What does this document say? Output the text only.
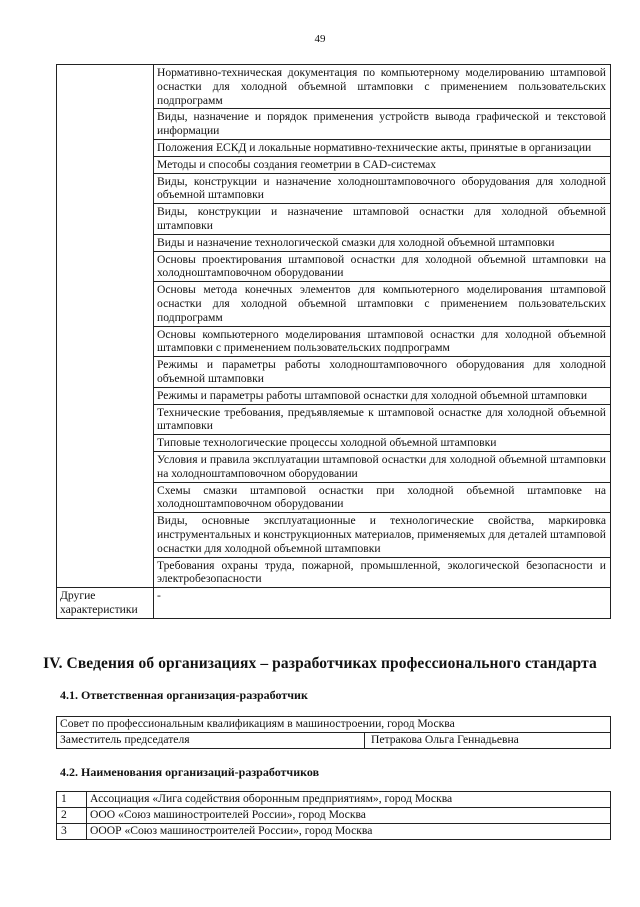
49
	Нормативно-техническая документация по компьютерному моделированию штамповой оснастки для холодной объемной штамповки с применением пользовательских подпрограмм
	Виды, назначение и порядок применения устройств вывода графической и текстовой информации
	Положения ЕСКД и локальные нормативно-технические акты, принятые в организации
	Методы и способы создания геометрии в CAD-системах
	Виды, конструкции и назначение холодноштамповочного оборудования для холодной объемной штамповки
	Виды, конструкции и назначение штамповой оснастки для холодной объемной штамповки
	Виды и назначение технологической смазки для холодной объемной штамповки
	Основы проектирования штамповой оснастки для холодной объемной штамповки на холодноштамповочном оборудовании
	Основы метода конечных элементов для компьютерного моделирования штамповой оснастки для холодной объемной штамповки с применением пользовательских подпрограмм
	Основы компьютерного моделирования штамповой оснастки для холодной объемной штамповки с применением пользовательских подпрограмм
	Режимы и параметры работы холодноштамповочного оборудования для холодной объемной штамповки
	Режимы и параметры работы штамповой оснастки для холодной объемной штамповки
	Технические требования, предъявляемые к штамповой оснастке для холодной объемной штамповки
	Типовые технологические процессы холодной объемной штамповки
	Условия и правила эксплуатации штамповой оснастки для холодной объемной штамповки на холодноштамповочном оборудовании
	Схемы смазки штамповой оснастки при холодной объемной штамповке на холодноштамповочном оборудовании
	Виды, основные эксплуатационные и технологические свойства, маркировка инструментальных и конструкционных материалов, применяемых для деталей штамповой оснастки для холодной объемной штамповки
	Требования охраны труда, пожарной, промышленной, экологической безопасности и электробезопасности
Другие характеристики	-
IV. Сведения об организациях – разработчиках профессионального стандарта
4.1. Ответственная организация-разработчик
Совет по профессиональным квалификациям в машиностроении, город Москва
Заместитель председателя	Петракова Ольга Геннадьевна
4.2. Наименования организаций-разработчиков
1	Ассоциация «Лига содействия оборонным предприятиям», город Москва
2	ООО «Союз машиностроителей России», город Москва
3	ОООР «Союз машиностроителей России», город Москва
